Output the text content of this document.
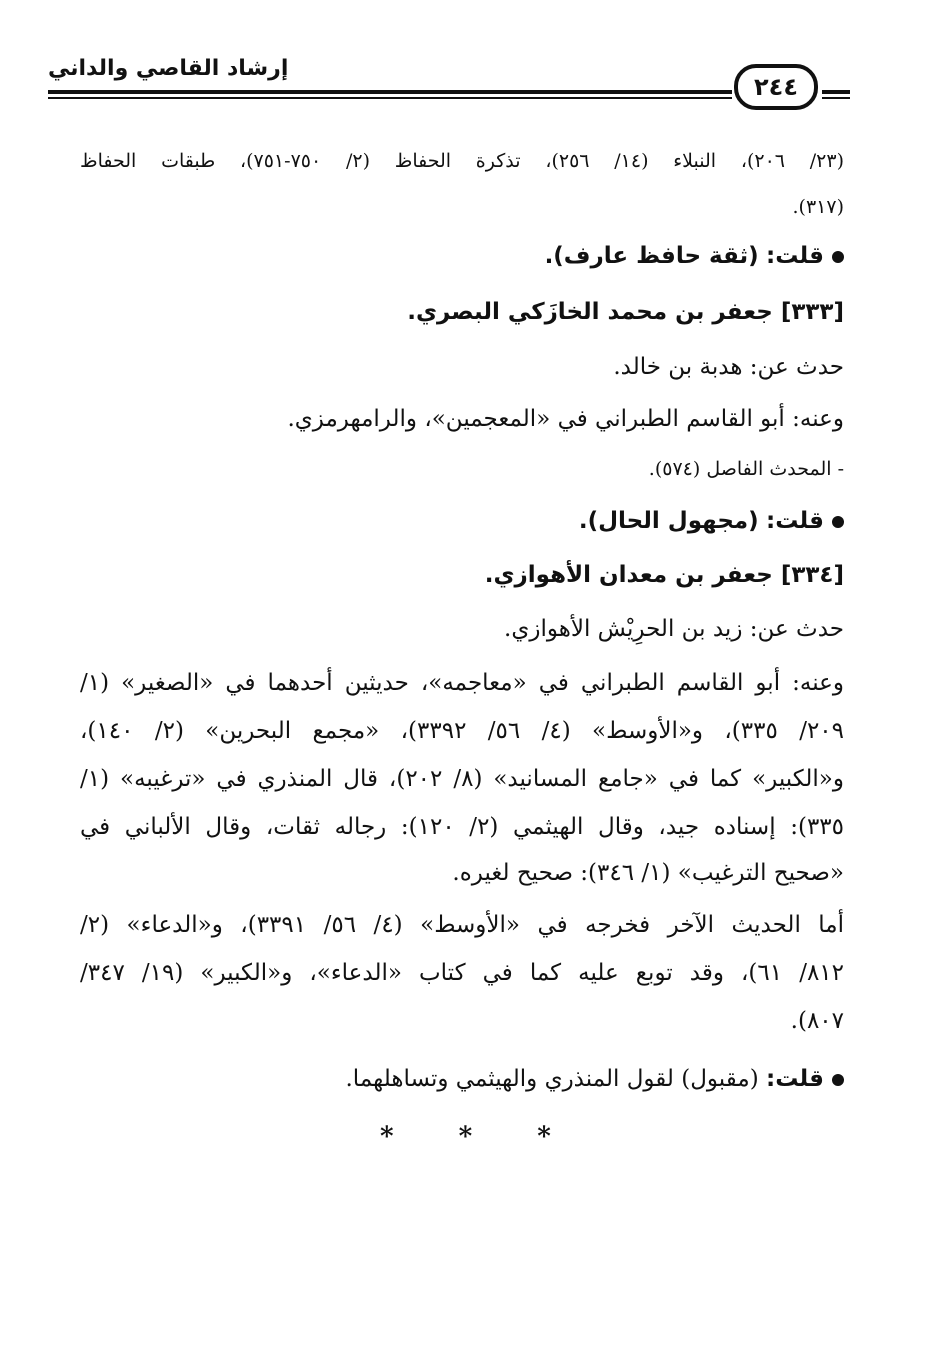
إرشاد القاصي والداني
٢٤٤
(٢٣/ ٢٠٦)، النبلاء (١٤/ ٢٥٦)، تذكرة الحفاظ (٢/ ٧٥٠-٧٥١)، طبقات الحفاظ
(٣١٧).
قلت: (ثقة حافظ عارف).
[٣٣٣] جعفر بن محمد الخازَكي البصري.
حدث عن: هدبة بن خالد.
وعنه: أبو القاسم الطبراني في «المعجمين»، والرامهرمزي.
- المحدث الفاصل (٥٧٤).
قلت: (مجهول الحال).
[٣٣٤] جعفر بن معدان الأهوازي.
حدث عن: زيد بن الحرِيْش الأهوازي.
وعنه: أبو القاسم الطبراني في «معاجمه»، حديثين أحدهما في «الصغير» (١/
٢٠٩/ ٣٣٥)، و«الأوسط» (٤/ ٥٦/ ٣٣٩٢)، «مجمع البحرين» (٢/ ١٤٠)،
و«الكبير» كما في «جامع المسانيد» (٨/ ٢٠٢)، قال المنذري في «ترغيبه» (١/
٣٣٥): إسناده جيد، وقال الهيثمي (٢/ ١٢٠): رجاله ثقات، وقال الألباني في
«صحيح الترغيب» (١/ ٣٤٦): صحيح لغيره.
أما الحديث الآخر فخرجه في «الأوسط» (٤/ ٥٦/ ٣٣٩١)، و«الدعاء» (٢/
٨١٢/ ٦١)، وقد توبع عليه كما في كتاب «الدعاء»، و«الكبير» (١٩/ ٣٤٧/
٨٠٧).
قلت: (مقبول) لقول المنذري والهيثمي وتساهلهما.
* * *
